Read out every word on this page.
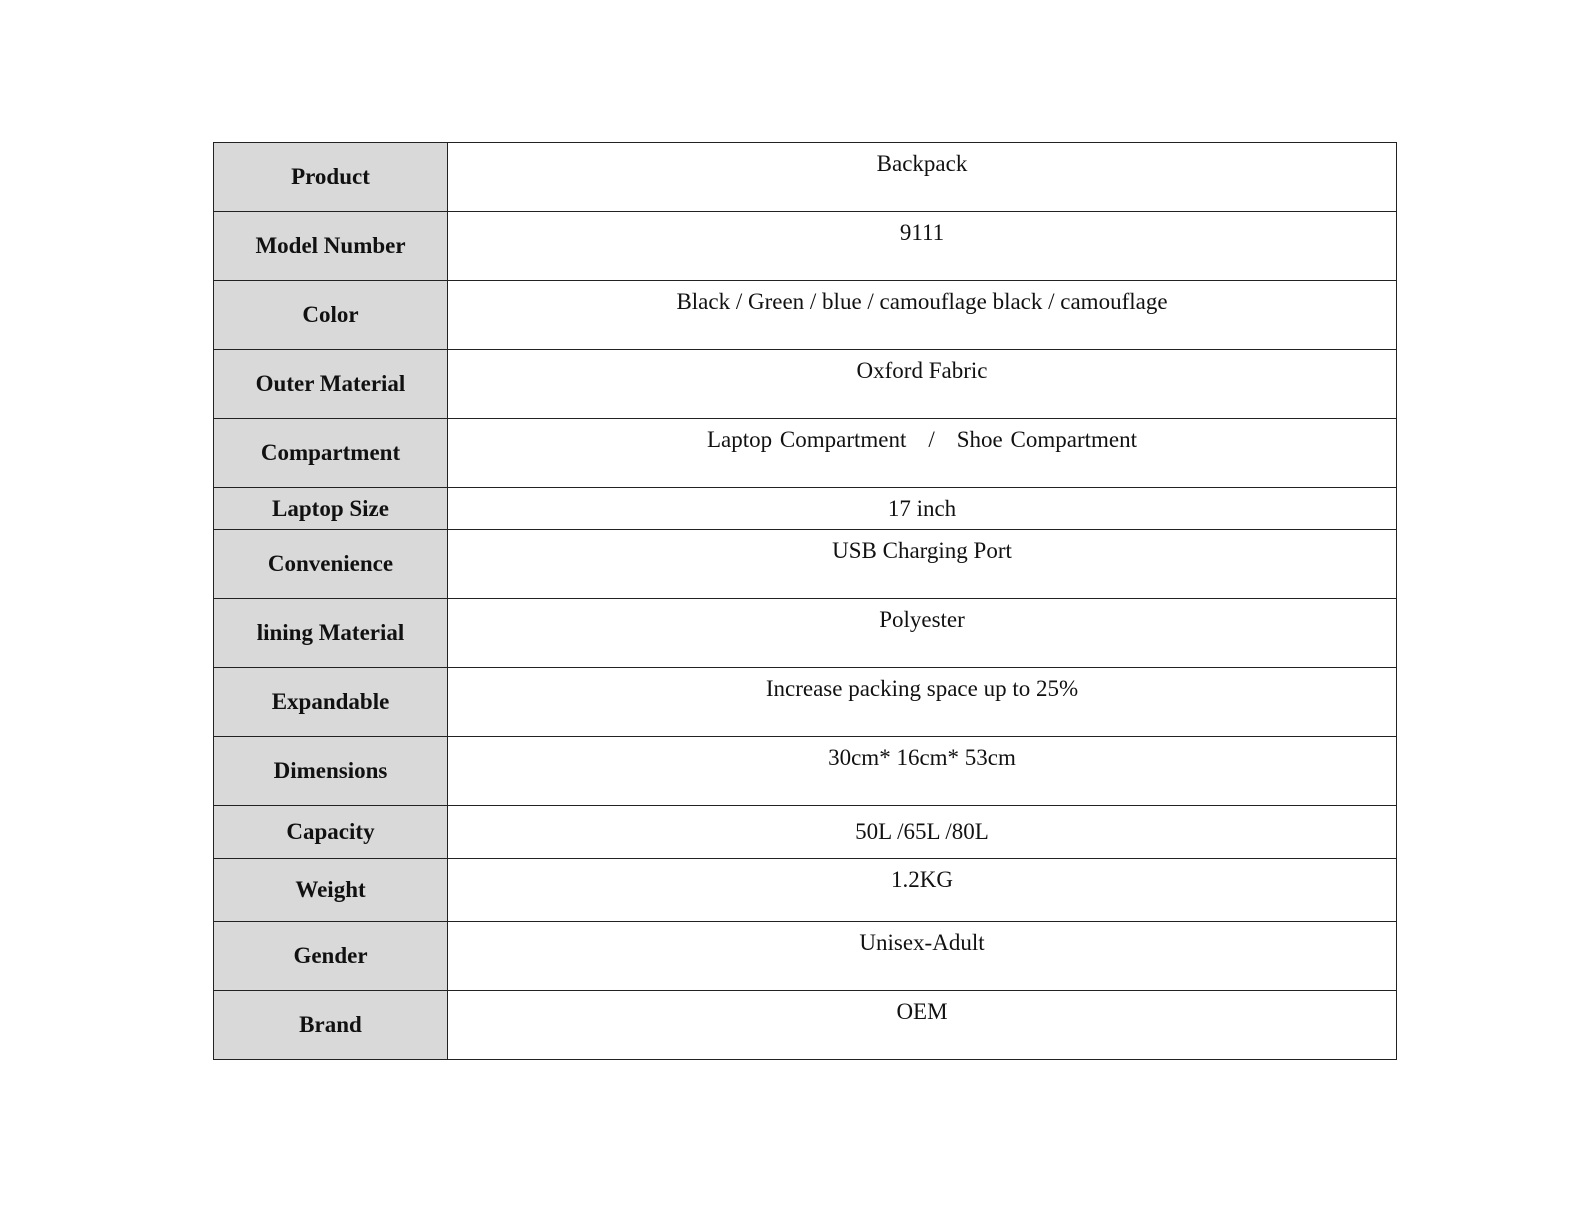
Product	Backpack
Model Number	9111
Color	Black / Green / blue / camouflage black / camouflage
Outer Material	Oxford Fabric
Compartment	Laptop Compartment / Shoe Compartment
Laptop Size	17 inch
Convenience	USB Charging Port
lining Material	Polyester
Expandable	Increase packing space up to 25%
Dimensions	30cm* 16cm* 53cm
Capacity	50L /65L /80L
Weight	1.2KG
Gender	Unisex-Adult
Brand	OEM
